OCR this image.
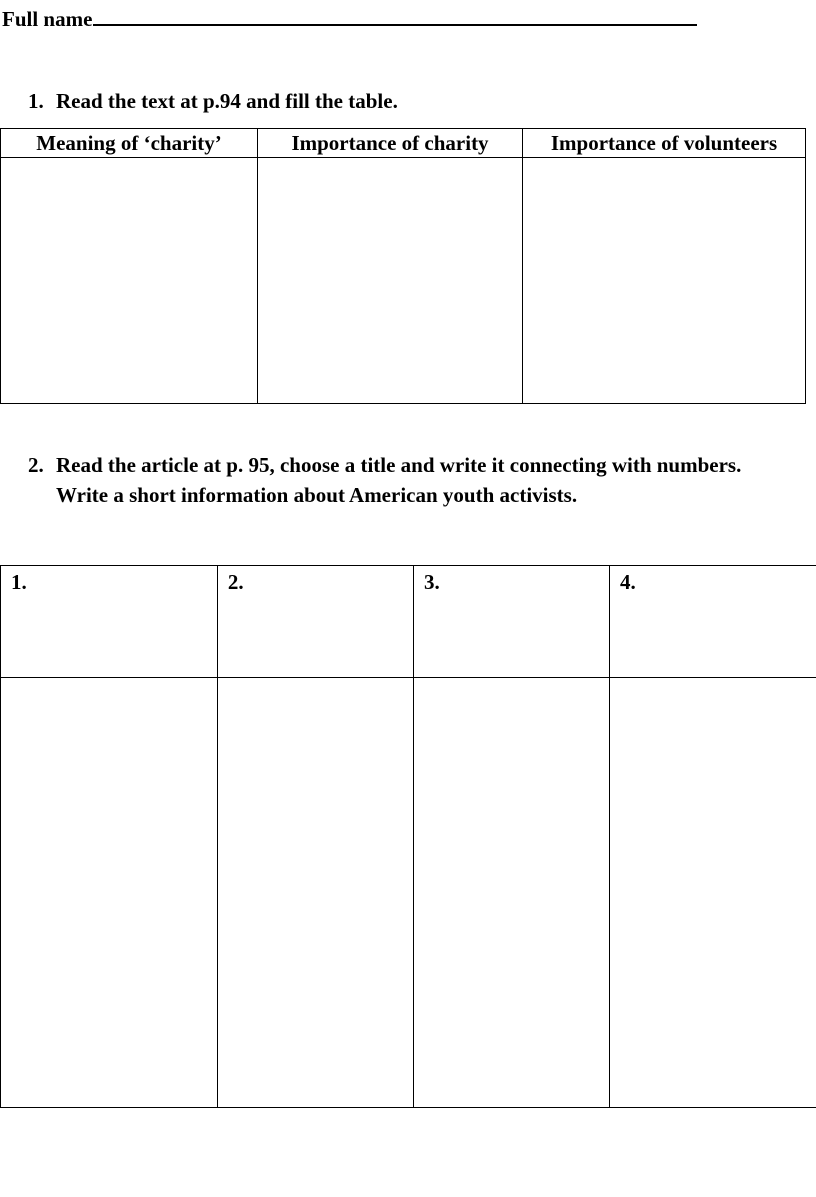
Full name
1. Read the text at p.94 and fill the table.
Meaning of ‘charity’	Importance of charity	Importance of volunteers

2. Read the article at p. 95, choose a title and write it connecting with numbers. Write a short information about American youth activists.
1.	2.	3.	4.
